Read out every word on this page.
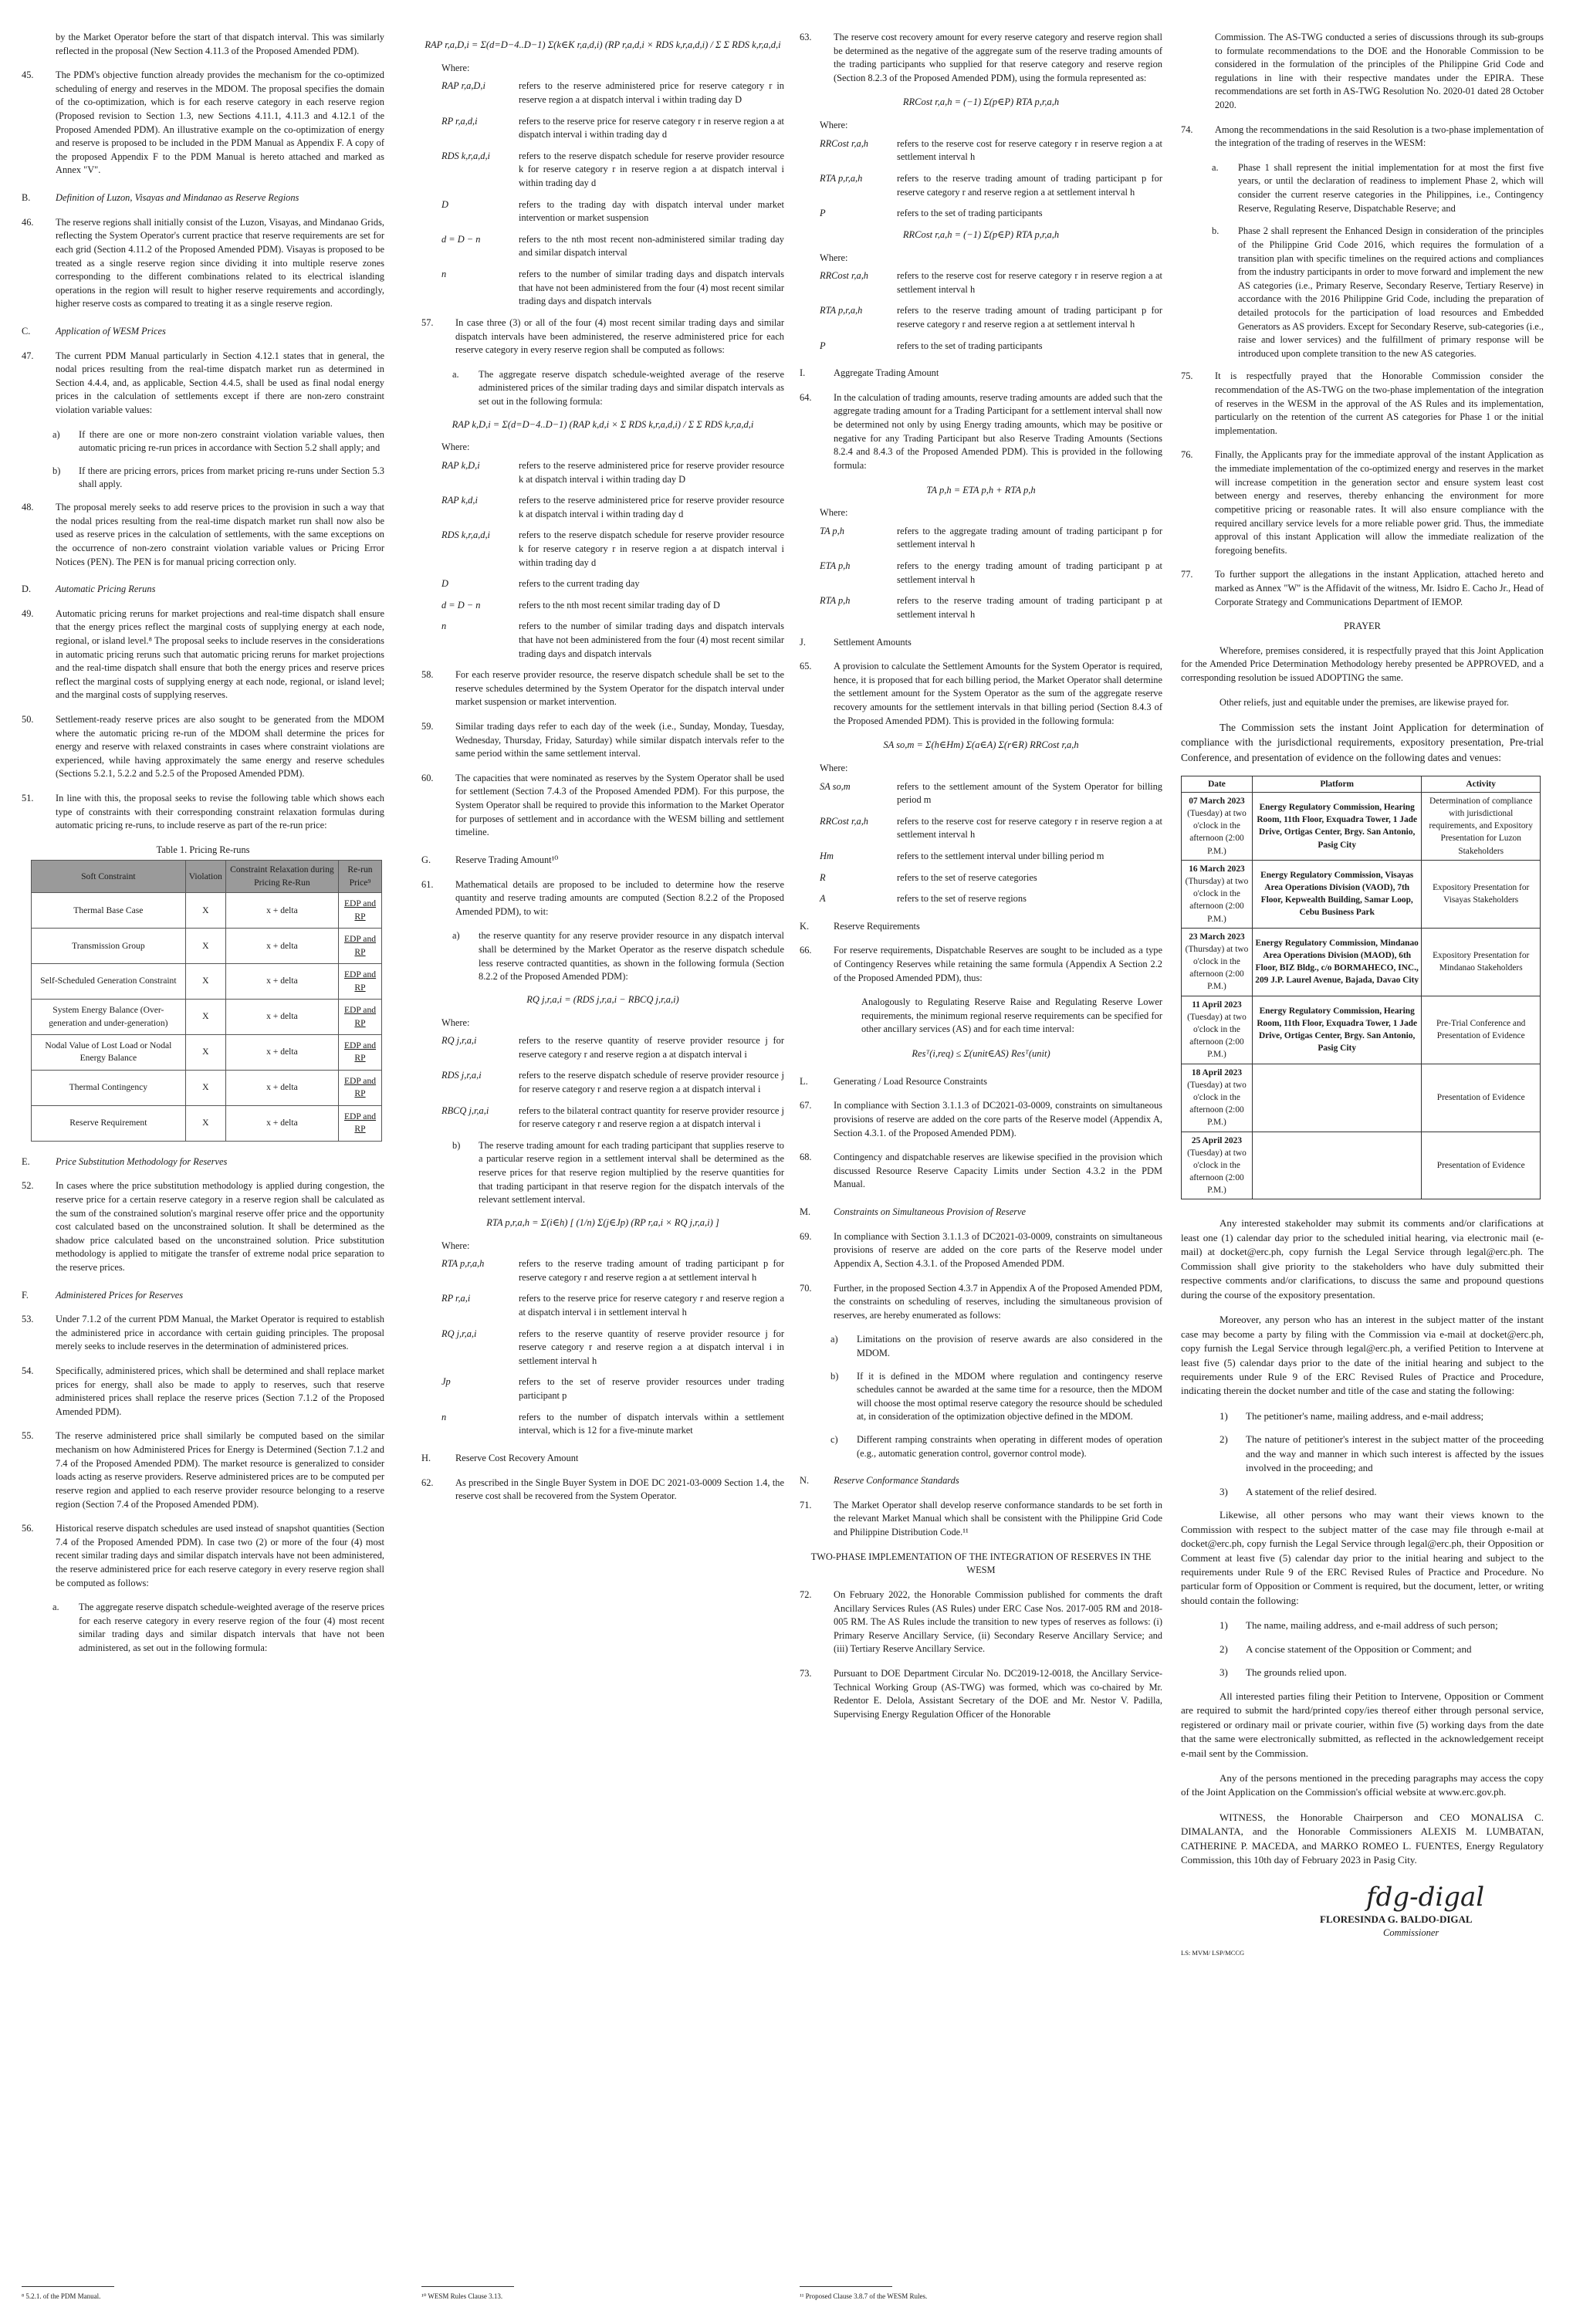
by the Market Operator before the start of that dispatch interval. This was similarly reflected in the proposal (New Section 4.11.3 of the Proposed Amended PDM).

45.	The PDM's objective function already provides the mechanism for the co-optimized scheduling of energy and reserves in the MDOM. The proposal specifies the domain of the co-optimization, which is for each reserve category in each reserve region (Proposed revision to Section 1.3, new Sections 4.11.1, 4.11.3 and 4.12.1 of the Proposed Amended PDM). An illustrative example on the co-optimization of energy and reserve is proposed to be included in the PDM Manual as Appendix F. A copy of the proposed Appendix F to the PDM Manual is hereto attached and marked as Annex "V".
B.	Definition of Luzon, Visayas and Mindanao as Reserve Regions
46.	The reserve regions shall initially consist of the Luzon, Visayas, and Mindanao Grids, reflecting the System Operator's current practice that reserve requirements are set for each grid (Section 4.11.2 of the Proposed Amended PDM). Visayas is proposed to be treated as a single reserve region since dividing it into multiple reserve zones corresponding to the different combinations related to its electrical islanding operations in the region will result to higher reserve requirements and accordingly, higher reserve costs as compared to treating it as a single reserve region.
C.	Application of WESM Prices
47.	The current PDM Manual particularly in Section 4.12.1 states that in general, the nodal prices resulting from the real-time dispatch market run as determined in Section 4.4.4, and, as applicable, Section 4.4.5, shall be used as final nodal energy prices in the calculation of settlements except if there are non-zero constraint violation variable values:
a)	If there are one or more non-zero constraint violation variable values, then automatic pricing re-run prices in accordance with Section 5.2 shall apply; and
b)	If there are pricing errors, prices from market pricing re-runs under Section 5.3 shall apply.
48.	The proposal merely seeks to add reserve prices to the provision in such a way that the nodal prices resulting from the real-time dispatch market run shall now also be used as reserve prices in the calculation of settlements, with the same exceptions on the occurrence of non-zero constraint violation variable values or Pricing Error Notices (PEN). The PEN is for manual pricing correction only.
D.	Automatic Pricing Reruns
49.	Automatic pricing reruns for market projections and real-time dispatch shall ensure that the energy prices reflect the marginal costs of supplying energy at each node, regional, or island level.⁸ The proposal seeks to include reserves in the considerations in automatic pricing reruns such that automatic pricing reruns for market projections and the real-time dispatch shall ensure that both the energy prices and reserve prices reflect the marginal costs of supplying energy at each node, regional, or island level; and the marginal costs of supplying reserves.
50.	Settlement-ready reserve prices are also sought to be generated from the MDOM where the automatic pricing re-run of the MDOM shall determine the prices for energy and reserve with relaxed constraints in cases where constraint violations are experienced, while having approximately the same energy and reserve schedules (Sections 5.2.1, 5.2.2 and 5.2.5 of the Proposed Amended PDM).
51.	In line with this, the proposal seeks to revise the following table which shows each type of constraints with their corresponding constraint relaxation formulas during automatic pricing re-runs, to include reserve as part of the re-run price:
Table 1. Pricing Re-runs
Soft Constraint	Violation	Constraint Relaxation during Pricing Re-Run	Re-run Price⁹
Thermal Base Case	X	x + delta	EDP and RP
Transmission Group	X	x + delta	EDP and RP
Self-Scheduled Generation Constraint	X	x + delta	EDP and RP
System Energy Balance (Over-generation and under-generation)	X	x + delta	EDP and RP
Nodal Value of Lost Load or Nodal Energy Balance	X	x + delta	EDP and RP
Thermal Contingency	X	x + delta	EDP and RP
Reserve Requirement	X	x + delta	EDP and RP
E.	Price Substitution Methodology for Reserves
52.	In cases where the price substitution methodology is applied during congestion, the reserve price for a certain reserve category in a reserve region shall be calculated as the sum of the constrained solution's marginal reserve offer price and the opportunity cost calculated based on the unconstrained solution. It shall be determined as the shadow price calculated based on the unconstrained solution. Price substitution methodology is applied to mitigate the transfer of extreme nodal price separation to the reserve prices.
F.	Administered Prices for Reserves
53.	Under 7.1.2 of the current PDM Manual, the Market Operator is required to establish the administered price in accordance with certain guiding principles. The proposal merely seeks to include reserves in the determination of administered prices.
54.	Specifically, administered prices, which shall be determined and shall replace market prices for energy, shall also be made to apply to reserves, such that reserve administered prices shall replace the reserve prices (Section 7.1.2 of the Proposed Amended PDM).
55.	The reserve administered price shall similarly be computed based on the similar mechanism on how Administered Prices for Energy is Determined (Section 7.1.2 and 7.4 of the Proposed Amended PDM). The market resource is generalized to consider loads acting as reserve providers. Reserve administered prices are to be computed per reserve region and applied to each reserve provider resource belonging to a reserve region (Section 7.4 of the Proposed Amended PDM).
56.	Historical reserve dispatch schedules are used instead of snapshot quantities (Section 7.4 of the Proposed Amended PDM). In case two (2) or more of the four (4) most recent similar trading days and similar dispatch intervals have not been administered, the reserve administered price for each reserve category in every reserve region shall be computed as follows:
a.	The aggregate reserve dispatch schedule-weighted average of the reserve prices for each reserve category in every reserve region of the four (4) most recent similar trading days and similar dispatch intervals that have not been administered, as set out in the following formula:
⁸ 5.2.1. of the PDM Manual.
RAP r,a,D,i = Σ(d=D−4..D−1) Σ(k∈K r,a,d,i) (RP r,a,d,i × RDS k,r,a,d,i) / Σ Σ RDS k,r,a,d,i
Where:
RAP r,a,D,i	refers to the reserve administered price for reserve category r in reserve region a at dispatch interval i within trading day D
RP r,a,d,i	refers to the reserve price for reserve category r in reserve region a at dispatch interval i within trading day d
RDS k,r,a,d,i	refers to the reserve dispatch schedule for reserve provider resource k for reserve category r in reserve region a at dispatch interval i within trading day d
D	refers to the trading day with dispatch interval under market intervention or market suspension
d = D − n	refers to the nth most recent non-administered similar trading day and similar dispatch interval
n	refers to the number of similar trading days and dispatch intervals that have not been administered from the four (4) most recent similar trading days and dispatch intervals
57.	In case three (3) or all of the four (4) most recent similar trading days and similar dispatch intervals have been administered, the reserve administered price for each reserve category in every reserve region shall be computed as follows:
a.	The aggregate reserve dispatch schedule-weighted average of the reserve administered prices of the similar trading days and similar dispatch intervals as set out in the following formula:
RAP k,D,i = Σ(d=D−4..D−1) (RAP k,d,i × Σ RDS k,r,a,d,i) / Σ Σ RDS k,r,a,d,i
Where:
RAP k,D,i	refers to the reserve administered price for reserve provider resource k at dispatch interval i within trading day D
RAP k,d,i	refers to the reserve administered price for reserve provider resource k at dispatch interval i within trading day d
RDS k,r,a,d,i	refers to the reserve dispatch schedule for reserve provider resource k for reserve category r in reserve region a at dispatch interval i within trading day d
D	refers to the current trading day
d = D − n	refers to the nth most recent similar trading day of D
n	refers to the number of similar trading days and dispatch intervals that have not been administered from the four (4) most recent similar trading days and dispatch intervals
58.	For each reserve provider resource, the reserve dispatch schedule shall be set to the reserve schedules determined by the System Operator for the dispatch interval under market suspension or market intervention.
59.	Similar trading days refer to each day of the week (i.e., Sunday, Monday, Tuesday, Wednesday, Thursday, Friday, Saturday) while similar dispatch intervals refer to the same period within the same settlement interval.
60.	The capacities that were nominated as reserves by the System Operator shall be used for settlement (Section 7.4.3 of the Proposed Amended PDM). For this purpose, the System Operator shall be required to provide this information to the Market Operator for purposes of settlement and in accordance with the WESM billing and settlement timeline.
G.	Reserve Trading Amount¹⁰
61.	Mathematical details are proposed to be included to determine how the reserve quantity and reserve trading amounts are computed (Section 8.2.2 of the Proposed Amended PDM), to wit:
a)	the reserve quantity for any reserve provider resource in any dispatch interval shall be determined by the Market Operator as the reserve dispatch schedule less reserve contracted quantities, as shown in the following formula (Section 8.2.2 of the Proposed Amended PDM):
RQ j,r,a,i = (RDS j,r,a,i − RBCQ j,r,a,i)
Where:
RQ j,r,a,i	refers to the reserve quantity of reserve provider resource j for reserve category r and reserve region a at dispatch interval i
RDS j,r,a,i	refers to the reserve dispatch schedule of reserve provider resource j for reserve category r and reserve region a at dispatch interval i
RBCQ j,r,a,i	refers to the bilateral contract quantity for reserve provider resource j for reserve category r and reserve region a at dispatch interval i
b)	The reserve trading amount for each trading participant that supplies reserve to a particular reserve region in a settlement interval shall be determined as the reserve prices for that reserve region multiplied by the reserve quantities for that trading participant in that reserve region for the dispatch intervals of the relevant settlement interval.
RTA p,r,a,h = Σ(i∈h) [ (1/n) Σ(j∈Jp) (RP r,a,i × RQ j,r,a,i) ]
Where:
RTA p,r,a,h	refers to the reserve trading amount of trading participant p for reserve category r and reserve region a at settlement interval h
RP r,a,i	refers to the reserve price for reserve category r and reserve region a at dispatch interval i in settlement interval h
RQ j,r,a,i	refers to the reserve quantity of reserve provider resource j for reserve category r and reserve region a at dispatch interval i in settlement interval h
Jp	refers to the set of reserve provider resources under trading participant p
n	refers to the number of dispatch intervals within a settlement interval, which is 12 for a five-minute market
H.	Reserve Cost Recovery Amount
62.	As prescribed in the Single Buyer System in DOE DC 2021-03-0009 Section 1.4, the reserve cost shall be recovered from the System Operator.
¹⁰ WESM Rules Clause 3.13.
63.	The reserve cost recovery amount for every reserve category and reserve region shall be determined as the negative of the aggregate sum of the reserve trading amounts of the trading participants who supplied for that reserve category and reserve region (Section 8.2.3 of the Proposed Amended PDM), using the formula represented as:
RRCost r,a,h = (−1) Σ(p∈P) RTA p,r,a,h
Where:
RRCost r,a,h	refers to the reserve cost for reserve category r in reserve region a at settlement interval h
RTA p,r,a,h	refers to the reserve trading amount of trading participant p for reserve category r and reserve region a at settlement interval h
P	refers to the set of trading participants
RRCost r,a,h = (−1) Σ(p∈P) RTA p,r,a,h
Where:
RRCost r,a,h	refers to the reserve cost for reserve category r in reserve region a at settlement interval h
RTA p,r,a,h	refers to the reserve trading amount of trading participant p for reserve category r and reserve region a at settlement interval h
P	refers to the set of trading participants
I.	Aggregate Trading Amount
64.	In the calculation of trading amounts, reserve trading amounts are added such that the aggregate trading amount for a Trading Participant for a settlement interval shall now be determined not only by using Energy trading amounts, which may be positive or negative for any Trading Participant but also Reserve Trading Amounts (Sections 8.2.4 and 8.4.3 of the Proposed Amended PDM). This is provided in the following formula:
TA p,h = ETA p,h + RTA p,h
Where:
TA p,h	refers to the aggregate trading amount of trading participant p for settlement interval h
ETA p,h	refers to the energy trading amount of trading participant p at settlement interval h
RTA p,h	refers to the reserve trading amount of trading participant p at settlement interval h
J.	Settlement Amounts
65.	A provision to calculate the Settlement Amounts for the System Operator is required, hence, it is proposed that for each billing period, the Market Operator shall determine the settlement amount for the System Operator as the sum of the aggregate reserve recovery amounts for the settlement intervals in that billing period (Section 8.4.3 of the Proposed Amended PDM). This is provided in the following formula:
SA so,m = Σ(h∈Hm) Σ(a∈A) Σ(r∈R) RRCost r,a,h
Where:
SA so,m	refers to the settlement amount of the System Operator for billing period m
RRCost r,a,h	refers to the reserve cost for reserve category r in reserve region a at settlement interval h
Hm	refers to the settlement interval under billing period m
R	refers to the set of reserve categories
A	refers to the set of reserve regions
K.	Reserve Requirements
66.	For reserve requirements, Dispatchable Reserves are sought to be included as a type of Contingency Reserves while retaining the same formula (Appendix A Section 2.2 of the Proposed Amended PDM), thus:

Analogously to Regulating Reserve Raise and Regulating Reserve Lower requirements, the minimum regional reserve requirements can be specified for other ancillary services (AS) and for each time interval:

Resᵀ(i,req) ≤ Σ(unit∈AS) Resᵀ(unit)
L.	Generating / Load Resource Constraints
67.	In compliance with Section 3.1.1.3 of DC2021-03-0009, constraints on simultaneous provisions of reserve are added on the core parts of the Reserve model (Appendix A, Section 4.3.1. of the Proposed Amended PDM).
68.	Contingency and dispatchable reserves are likewise specified in the provision which discussed Resource Reserve Capacity Limits under Section 4.3.2 in the PDM Manual.
M.	Constraints on Simultaneous Provision of Reserve
69.	In compliance with Section 3.1.1.3 of DC2021-03-0009, constraints on simultaneous provisions of reserve are added on the core parts of the Reserve model under Appendix A, Section 4.3.1. of the Proposed Amended PDM.
70.	Further, in the proposed Section 4.3.7 in Appendix A of the Proposed Amended PDM, the constraints on scheduling of reserves, including the simultaneous provision of reserves, are hereby enumerated as follows:
a)	Limitations on the provision of reserve awards are also considered in the MDOM.
b)	If it is defined in the MDOM where regulation and contingency reserve schedules cannot be awarded at the same time for a resource, then the MDOM will choose the most optimal reserve category the resource should be scheduled at, in consideration of the optimization objective defined in the MDOM.
c)	Different ramping constraints when operating in different modes of operation (e.g., automatic generation control, governor control mode).
N.	Reserve Conformance Standards
71.	The Market Operator shall develop reserve conformance standards to be set forth in the relevant Market Manual which shall be consistent with the Philippine Grid Code and Philippine Distribution Code.¹¹
TWO-PHASE IMPLEMENTATION OF THE INTEGRATION OF RESERVES IN THE WESM
72.	On February 2022, the Honorable Commission published for comments the draft Ancillary Services Rules (AS Rules) under ERC Case Nos. 2017-005 RM and 2018-005 RM. The AS Rules include the transition to new types of reserves as follows: (i) Primary Reserve Ancillary Service, (ii) Secondary Reserve Ancillary Service; and (iii) Tertiary Reserve Ancillary Service.
73.	Pursuant to DOE Department Circular No. DC2019-12-0018, the Ancillary Service-Technical Working Group (AS-TWG) was formed, which was co-chaired by Mr. Redentor E. Delola, Assistant Secretary of the DOE and Mr. Nestor V. Padilla, Supervising Energy Regulation Officer of the Honorable
¹¹ Proposed Clause 3.8.7 of the WESM Rules.

Commission. The AS-TWG conducted a series of discussions through its sub-groups to formulate recommendations to the DOE and the Honorable Commission to be considered in the formulation of the principles of the Philippine Grid Code and regulations in line with their respective mandates under the EPIRA. These recommendations are set forth in AS-TWG Resolution No. 2020-01 dated 28 October 2020.

74.	Among the recommendations in the said Resolution is a two-phase implementation of the integration of the trading of reserves in the WESM:
a.	Phase 1 shall represent the initial implementation for at most the first five years, or until the declaration of readiness to implement Phase 2, which will consider the current reserve categories in the Philippines, i.e., Contingency Reserve, Regulating Reserve, Dispatchable Reserve; and
b.	Phase 2 shall represent the Enhanced Design in consideration of the principles of the Philippine Grid Code 2016, which requires the formulation of a transition plan with specific timelines on the required actions and compliances from the industry participants in order to move forward and implement the new AS categories (i.e., Primary Reserve, Secondary Reserve, Tertiary Reserve) in accordance with the 2016 Philippine Grid Code, including the preparation of detailed protocols for the participation of load resources and Embedded Generators as AS providers. Except for Secondary Reserve, sub-categories (i.e., raise and lower services) and the fulfillment of primary response will be introduced upon complete transition to the new AS categories.
75.	It is respectfully prayed that the Honorable Commission consider the recommendation of the AS-TWG on the two-phase implementation of the integration of reserves in the WESM in the approval of the AS Rules and its implementation, particularly on the retention of the current AS categories for Phase 1 or the initial implementation.
76.	Finally, the Applicants pray for the immediate approval of the instant Application as the immediate implementation of the co-optimized energy and reserves in the market will increase competition in the generation sector and ensure system least cost between energy and reserves, thereby enhancing the environment for more competitive pricing or reasonable rates. It will also ensure compliance with the required ancillary service levels for a more reliable power grid. Thus, the immediate approval of this instant Application will allow the immediate realization of the foregoing benefits.
77.	To further support the allegations in the instant Application, attached hereto and marked as Annex "W" is the Affidavit of the witness, Mr. Isidro E. Cacho Jr., Head of Corporate Strategy and Communications Department of IEMOP.
PRAYER

Wherefore, premises considered, it is respectfully prayed that this Joint Application for the Amended Price Determination Methodology hereby presented be APPROVED, and a corresponding resolution be issued ADOPTING the same.

Other reliefs, just and equitable under the premises, are likewise prayed for.

The Commission sets the instant Joint Application for determination of compliance with the jurisdictional requirements, expository presentation, Pre-trial Conference, and presentation of evidence on the following dates and venues:

Date	Platform	Activity

07 March 2023
(Tuesday) at two o'clock in the afternoon (2:00 P.M.)	Energy Regulatory Commission, Hearing Room, 11th Floor, Exquadra Tower, 1 Jade Drive, Ortigas Center, Brgy. San Antonio, Pasig City	Determination of compliance with jurisdictional requirements, and Expository Presentation for Luzon Stakeholders

16 March 2023
(Thursday) at two o'clock in the afternoon (2:00 P.M.)	Energy Regulatory Commission, Visayas Area Operations Division (VAOD), 7th Floor, Kepwealth Building, Samar Loop, Cebu Business Park	Expository Presentation for Visayas Stakeholders

23 March 2023
(Thursday) at two o'clock in the afternoon (2:00 P.M.)	Energy Regulatory Commission, Mindanao Area Operations Division (MAOD), 6th Floor, BIZ Bldg., c/o BORMAHECO, INC., 209 J.P. Laurel Avenue, Bajada, Davao City	Expository Presentation for Mindanao Stakeholders

11 April 2023
(Tuesday) at two o'clock in the afternoon (2:00 P.M.)	Energy Regulatory Commission, Hearing Room, 11th Floor, Exquadra Tower, 1 Jade Drive, Ortigas Center, Brgy. San Antonio, Pasig City	Pre-Trial Conference and Presentation of Evidence

18 April 2023
(Tuesday) at two o'clock in the afternoon (2:00 P.M.)		Presentation of Evidence

25 April 2023
(Tuesday) at two o'clock in the afternoon (2:00 P.M.)		Presentation of Evidence

Any interested stakeholder may submit its comments and/or clarifications at least one (1) calendar day prior to the scheduled initial hearing, via electronic mail (e-mail) at docket@erc.ph, copy furnish the Legal Service through legal@erc.ph. The Commission shall give priority to the stakeholders who have duly submitted their respective comments and/or clarifications, to discuss the same and propound questions during the course of the expository presentation.

Moreover, any person who has an interest in the subject matter of the instant case may become a party by filing with the Commission via e-mail at docket@erc.ph, copy furnish the Legal Service through legal@erc.ph, a verified Petition to Intervene at least five (5) calendar days prior to the date of the initial hearing and subject to the requirements under Rule 9 of the ERC Revised Rules of Practice and Procedure, indicating therein the docket number and title of the case and stating the following:

1)	The petitioner's name, mailing address, and e-mail address;
2)	The nature of petitioner's interest in the subject matter of the proceeding and the way and manner in which such interest is affected by the issues involved in the proceeding; and
3)	A statement of the relief desired.

Likewise, all other persons who may want their views known to the Commission with respect to the subject matter of the case may file through e-mail at docket@erc.ph, copy furnish the Legal Service through legal@erc.ph, their Opposition or Comment at least five (5) calendar day prior to the initial hearing and subject to the requirements under Rule 9 of the ERC Revised Rules of Practice and Procedure. No particular form of Opposition or Comment is required, but the document, letter, or writing should contain the following:

1)	The name, mailing address, and e-mail address of such person;
2)	A concise statement of the Opposition or Comment; and
3)	The grounds relied upon.

All interested parties filing their Petition to Intervene, Opposition or Comment are required to submit the hard/printed copy/ies thereof either through personal service, registered or ordinary mail or private courier, within five (5) working days from the date that the same were electronically submitted, as reflected in the acknowledgement receipt e-mail sent by the Commission.

Any of the persons mentioned in the preceding paragraphs may access the copy of the Joint Application on the Commission's official website at www.erc.gov.ph.

WITNESS, the Honorable Chairperson and CEO MONALISA C. DIMALANTA, and the Honorable Commissioners ALEXIS M. LUMBATAN, CATHERINE P. MACEDA, and MARKO ROMEO L. FUENTES, Energy Regulatory Commission, this 10th day of February 2023 in Pasig City.

fdg-digal
FLORESINDA G. BALDO-DIGAL
Commissioner
LS: MVM/ LSP/MCCG
